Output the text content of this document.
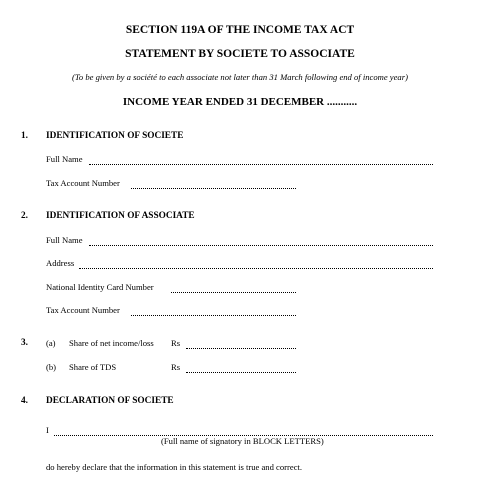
SECTION 119A OF THE INCOME TAX ACT
STATEMENT BY SOCIETE TO ASSOCIATE
(To be given by a société to each associate not later than 31 March following end of income year)
INCOME YEAR ENDED 31 DECEMBER ...........
1. IDENTIFICATION OF SOCIETE
Full Name
Tax Account Number
2. IDENTIFICATION OF ASSOCIATE
Full Name
Address
National Identity Card Number
Tax Account Number
3. (a) Share of net income/loss Rs
(b) Share of TDS	Rs
4. DECLARATION OF SOCIETE
I
(Full name of signatory in BLOCK LETTERS)
do hereby declare that the information in this statement is true and correct.
